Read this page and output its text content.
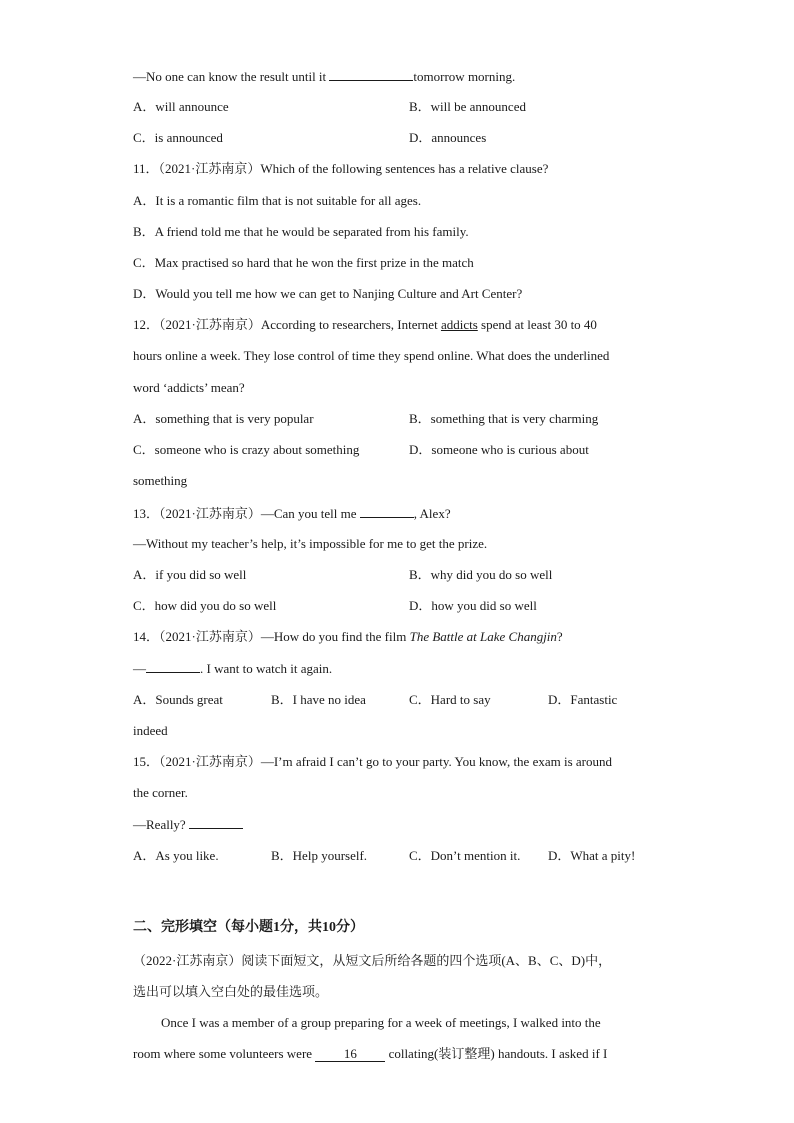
—No one can know the result until it	tomorrow morning.
A．will announce	B．will be announced
C．is announced	D．announces
11．（2021·江苏南京）Which of the following sentences has a relative clause?
A．It is a romantic film that is not suitable for all ages.
B．A friend told me that he would be separated from his family.
C．Max practised so hard that he won the first prize in the match
D．Would you tell me how we can get to Nanjing Culture and Art Center?
12．（2021·江苏南京）According to researchers, Internet addicts spend at least 30 to 40
hours online a week. They lose control of time they spend online. What does the underlined
word ‘addicts’ mean?
A．something that is very popular	B．something that is very charming
C．someone who is crazy about something	D．someone who is curious about
something
13．（2021·江苏南京）—Can you tell me	, Alex?
—Without my teacher’s help, it’s impossible for me to get the prize.
A．if you did so well	B．why did you do so well
C．how did you do so well	D．how you did so well
14．（2021·江苏南京）—How do you find the film The Battle at Lake Changjin?
—	. I want to watch it again.
A．Sounds great	B．I have no idea	C．Hard to say	D．Fantastic
indeed
15．（2021·江苏南京）—I’m afraid I can’t go to your party. You know, the exam is around
the corner.
—Really?
A．As you like.	B．Help yourself.	C．Don’t mention it. D．What a pity!
二、完形填空（每小题1分，共10分）
（2022·江苏南京）阅读下面短文，从短文后所给各题的四个选项(A、B、C、D)中，
选出可以填入空白处的最佳选项。
Once I was a member of a group preparing for a week of meetings, I walked into the
room where some volunteers were 16 collating(装订整理) handouts. I asked if I
